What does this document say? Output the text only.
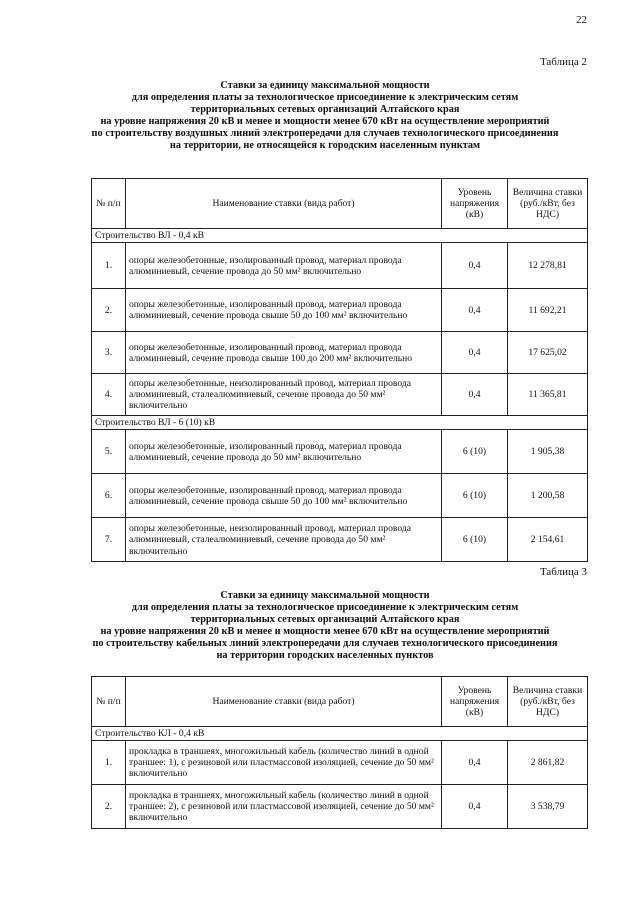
22
Таблица 2
Ставки за единицу максимальной мощности
для определения платы за технологическое присоединение к электрическим сетям
территориальных сетевых организаций Алтайского края
на уровне напряжения 20 кВ и менее и мощности менее 670 кВт на осуществление мероприятий
по строительству воздушных линий электропередачи для случаев технологического присоединения
на территории, не относящейся к городским населенным пунктам
№ п/п	Наименование ставки (вида работ)	Уровень напряжения (кВ)	Величина ставки (руб./кВт, без НДС)
Строительство ВЛ - 0,4 кВ			
1.	опоры железобетонные, изолированный провод, материал провода алюминиевый, сечение провода до 50 мм² включительно	0,4	12 278,81
2.	опоры железобетонные, изолированный провод, материал провода алюминиевый, сечение провода свыше 50 до 100 мм² включительно	0,4	11 692,21
3.	опоры железобетонные, изолированный провод, материал провода алюминиевый, сечение провода свыше 100 до 200 мм² включительно	0,4	17 625,02
4.	опоры железобетонные, неизолированный провод, материал провода алюминиевый, сталеалюминиевый, сечение провода до 50 мм² включительно	0,4	11 365,81
Строительство ВЛ - 6 (10) кВ			
5.	опоры железобетонные, изолированный провод, материал провода алюминиевый, сечение провода до 50 мм² включительно	6 (10)	1 905,38
6.	опоры железобетонные, изолированный провод, материал провода алюминиевый, сечение провода свыше 50 до 100 мм² включительно	6 (10)	1 200,58
7.	опоры железобетонные, неизолированный провод, материал провода алюминиевый, сталеалюминиевый, сечение провода до 50 мм² включительно	6 (10)	2 154,61
Таблица 3
Ставки за единицу максимальной мощности
для определения платы за технологическое присоединение к электрическим сетям
территориальных сетевых организаций Алтайского края
на уровне напряжения 20 кВ и менее и мощности менее 670 кВт на осуществление мероприятий
по строительству кабельных линий электропередачи для случаев технологического присоединения
на территории городских населенных пунктов
№ п/п	Наименование ставки (вида работ)	Уровень напряжения (кВ)	Величина ставки (руб./кВт, без НДС)
Строительство КЛ - 0,4 кВ			
1.	прокладка в траншеях, многожильный кабель (количество линий в одной траншее: 1), с резиновой или пластмассовой изоляцией, сечение до 50 мм² включительно	0,4	2 861,82
2.	прокладка в траншеях, многожильный кабель (количество линий в одной траншее: 2), с резиновой или пластмассовой изоляцией, сечение до 50 мм² включительно	0,4	3 538,79
